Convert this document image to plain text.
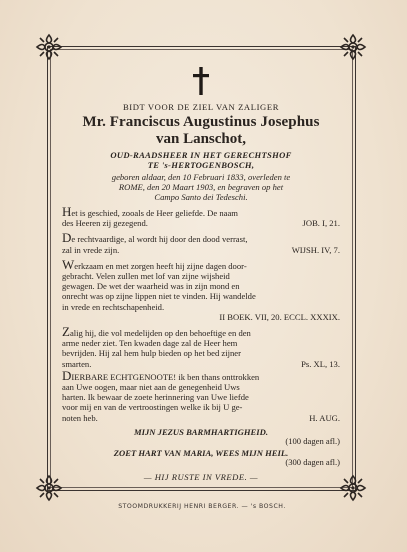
BIDT VOOR DE ZIEL VAN ZALIGER
Mr. Franciscus Augustinus Josephus
van Lanschot,
OUD-RAADSHEER IN HET GERECHTSHOF
TE 's-HERTOGENBOSCH,
geboren aldaar, den 10 Februari 1833, overleden te
ROME, den 20 Maart 1903, en begraven op het
Campo Santo dei Tedeschi.
Het is geschied, zooals de Heer geliefde. De naam
des Heeren zij gezegend.	JOB. I, 21.
De rechtvaardige, al wordt hij door den dood verrast,
zal in vrede zijn.	WIJSH. IV, 7.
Werkzaam en met zorgen heeft hij zijne dagen door-
gebracht. Velen zullen met lof van zijne wijsheid
gewagen. De wet der waarheid was in zijn mond en
onrecht was op zijne lippen niet te vinden. Hij wandelde
in vrede en rechtschapenheid.
II BOEK. VII, 20. ECCL. XXXIX.
Zalig hij, die vol medelijden op den behoeftige en den
arme neder ziet. Ten kwaden dage zal de Heer hem
bevrijden. Hij zal hem hulp bieden op het bed zijner
smarten.	Ps. XL, 13.
DIERBARE ECHTGENOOTE! ik ben thans onttrokken
aan Uwe oogen, maar niet aan de genegenheid Uws
harten. Ik bewaar de zoete herinnering van Uwe liefde
voor mij en van de vertroostingen welke ik bij U ge-
noten heb.	H. AUG.
MIJN JEZUS BARMHARTIGHEID.
(100 dagen afl.)
ZOET HART VAN MARIA, WEES MIJN HEIL.
(300 dagen afl.)
— HIJ RUSTE IN VREDE. —
STOOMDRUKKERIJ HENRI BERGER. — 's BOSCH.
